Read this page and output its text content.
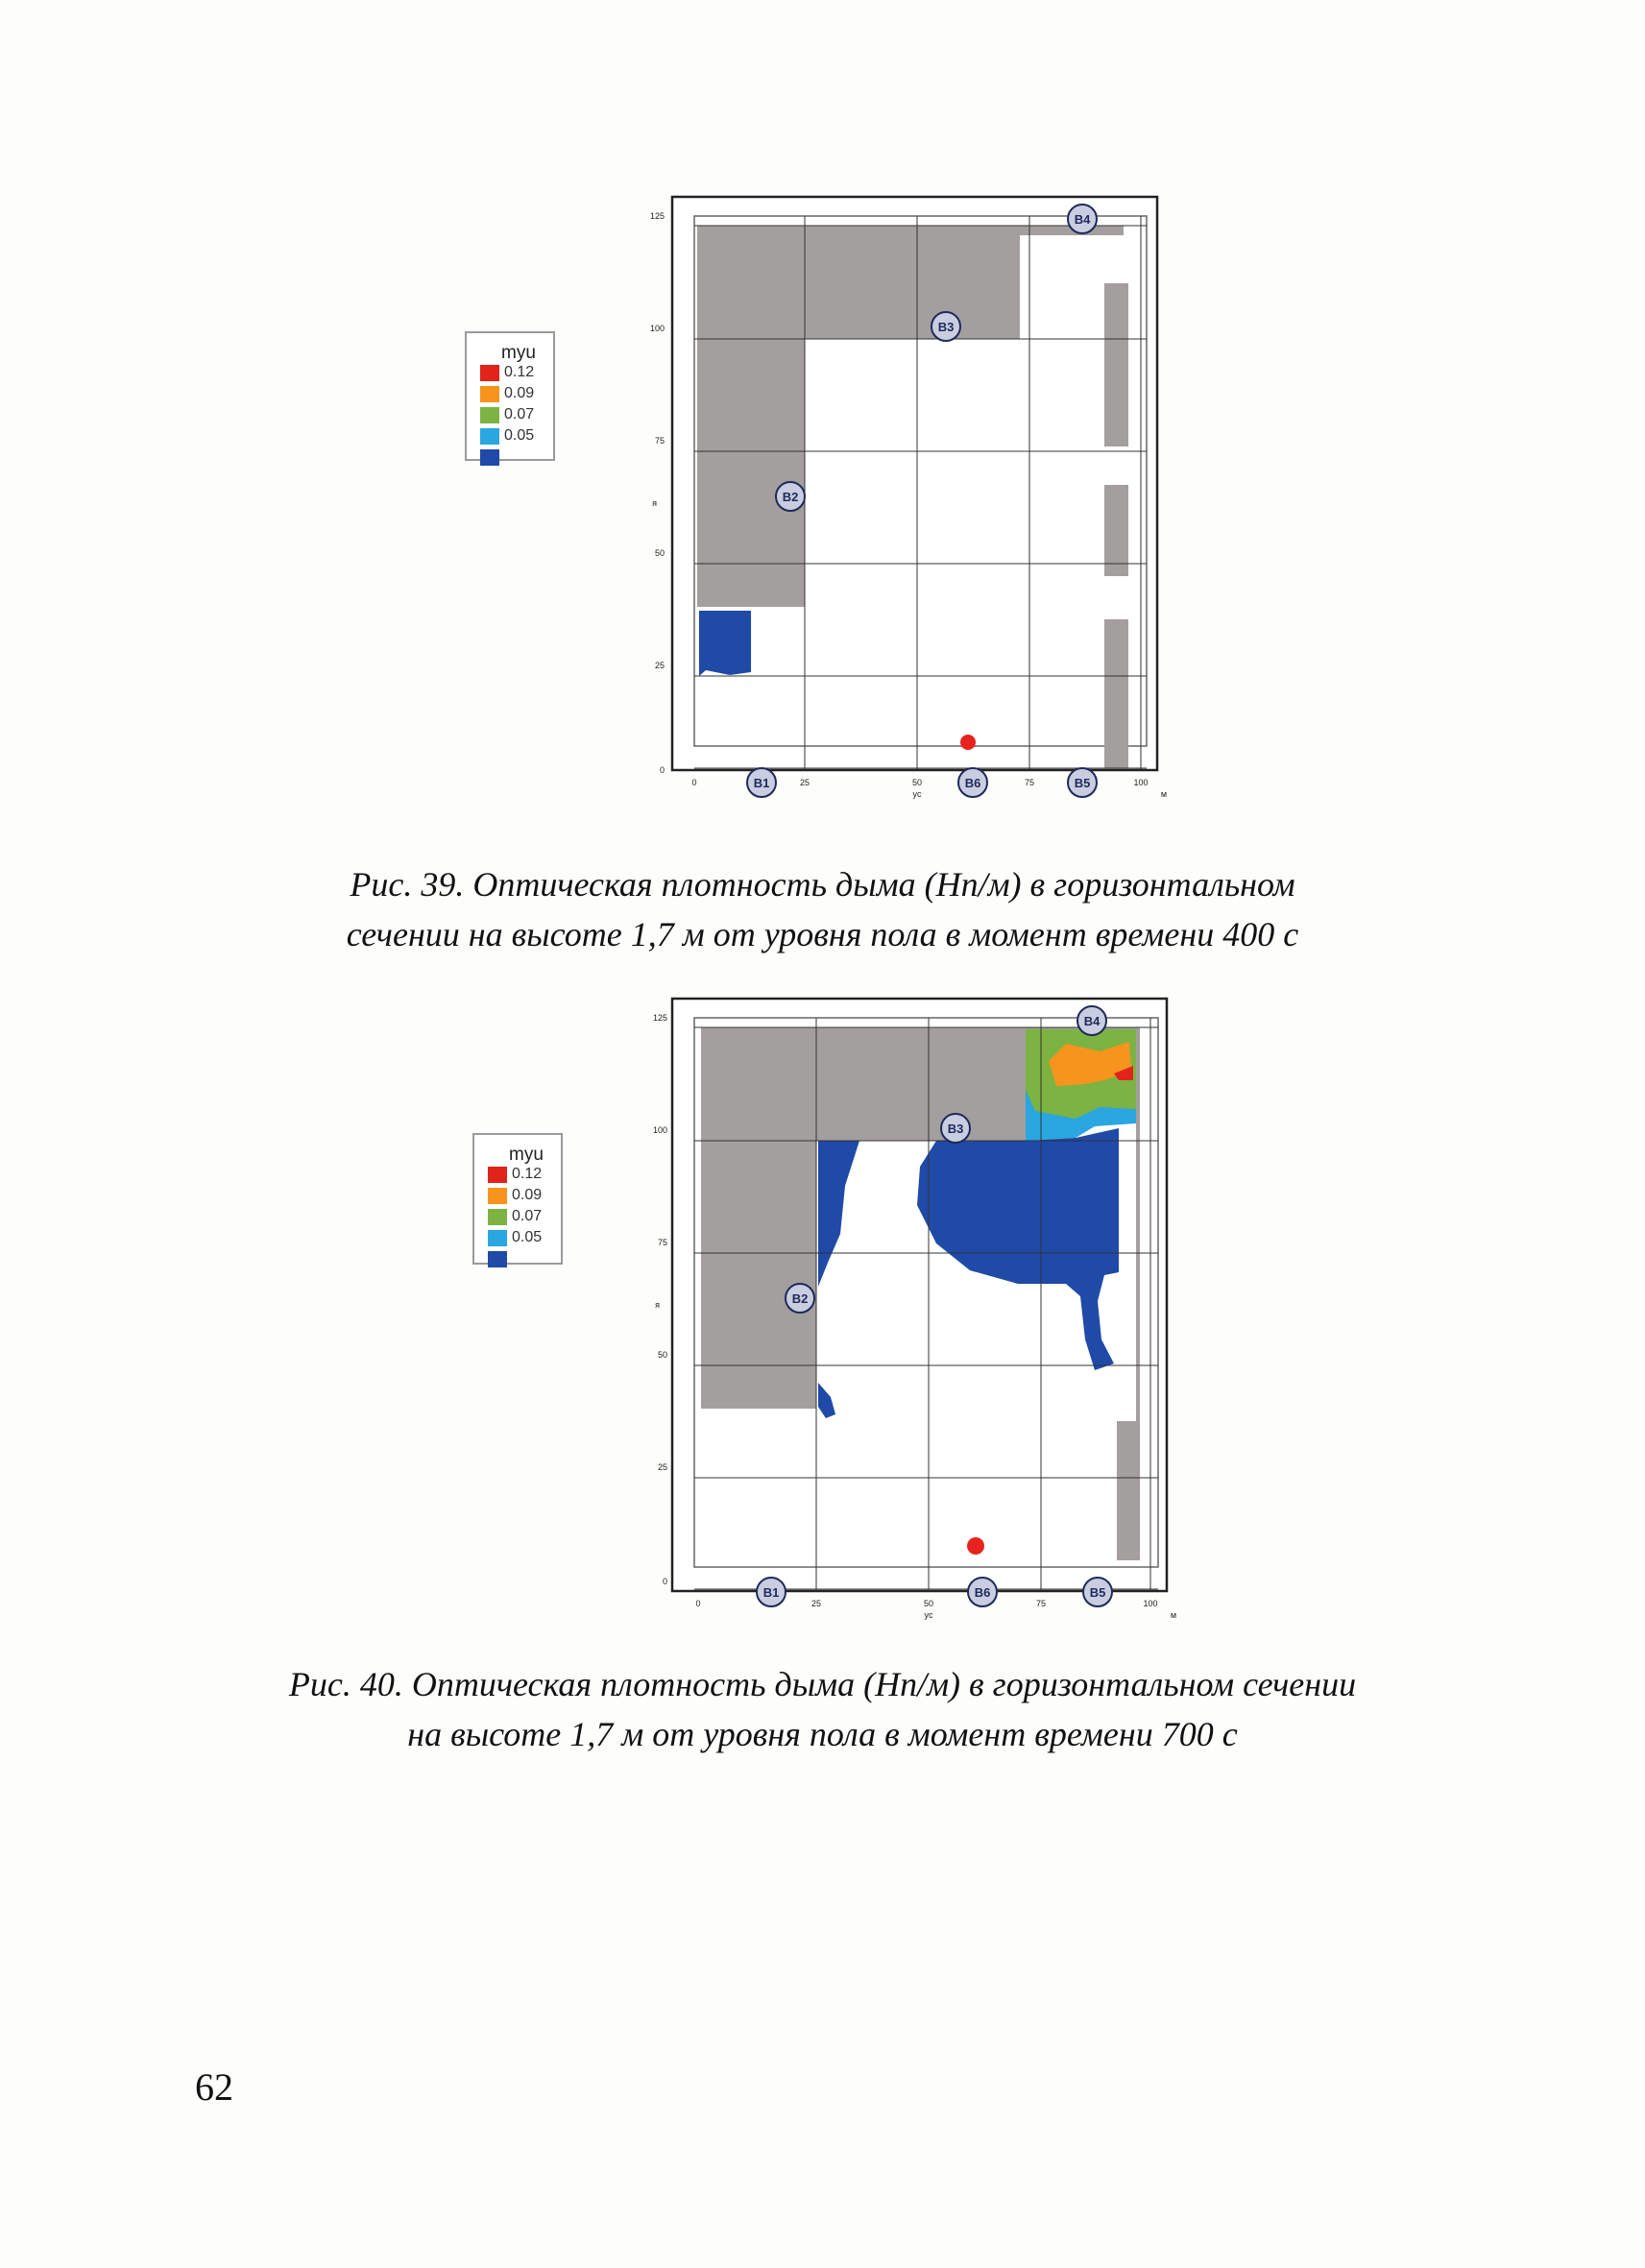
125
100
75
50
25
0
я
0	25	50	75	100
ус	м
B4
B3
B2
B1	B6	B5
myu
0.12
0.09
0.07
0.05
Рис. 39. Оптическая плотность дыма (Нп/м) в горизонтальном
сечении на высоте 1,7 м от уровня пола в момент времени 400 с
125
100
75
50
25
0
я
0	25	50	75	100
ус	м
B4
B3
B2
B1	B6	B5
myu
0.12
0.09
0.07
0.05
Рис. 40. Оптическая плотность дыма (Нп/м) в горизонтальном сечении
на высоте 1,7 м от уровня пола в момент времени 700 с
62
